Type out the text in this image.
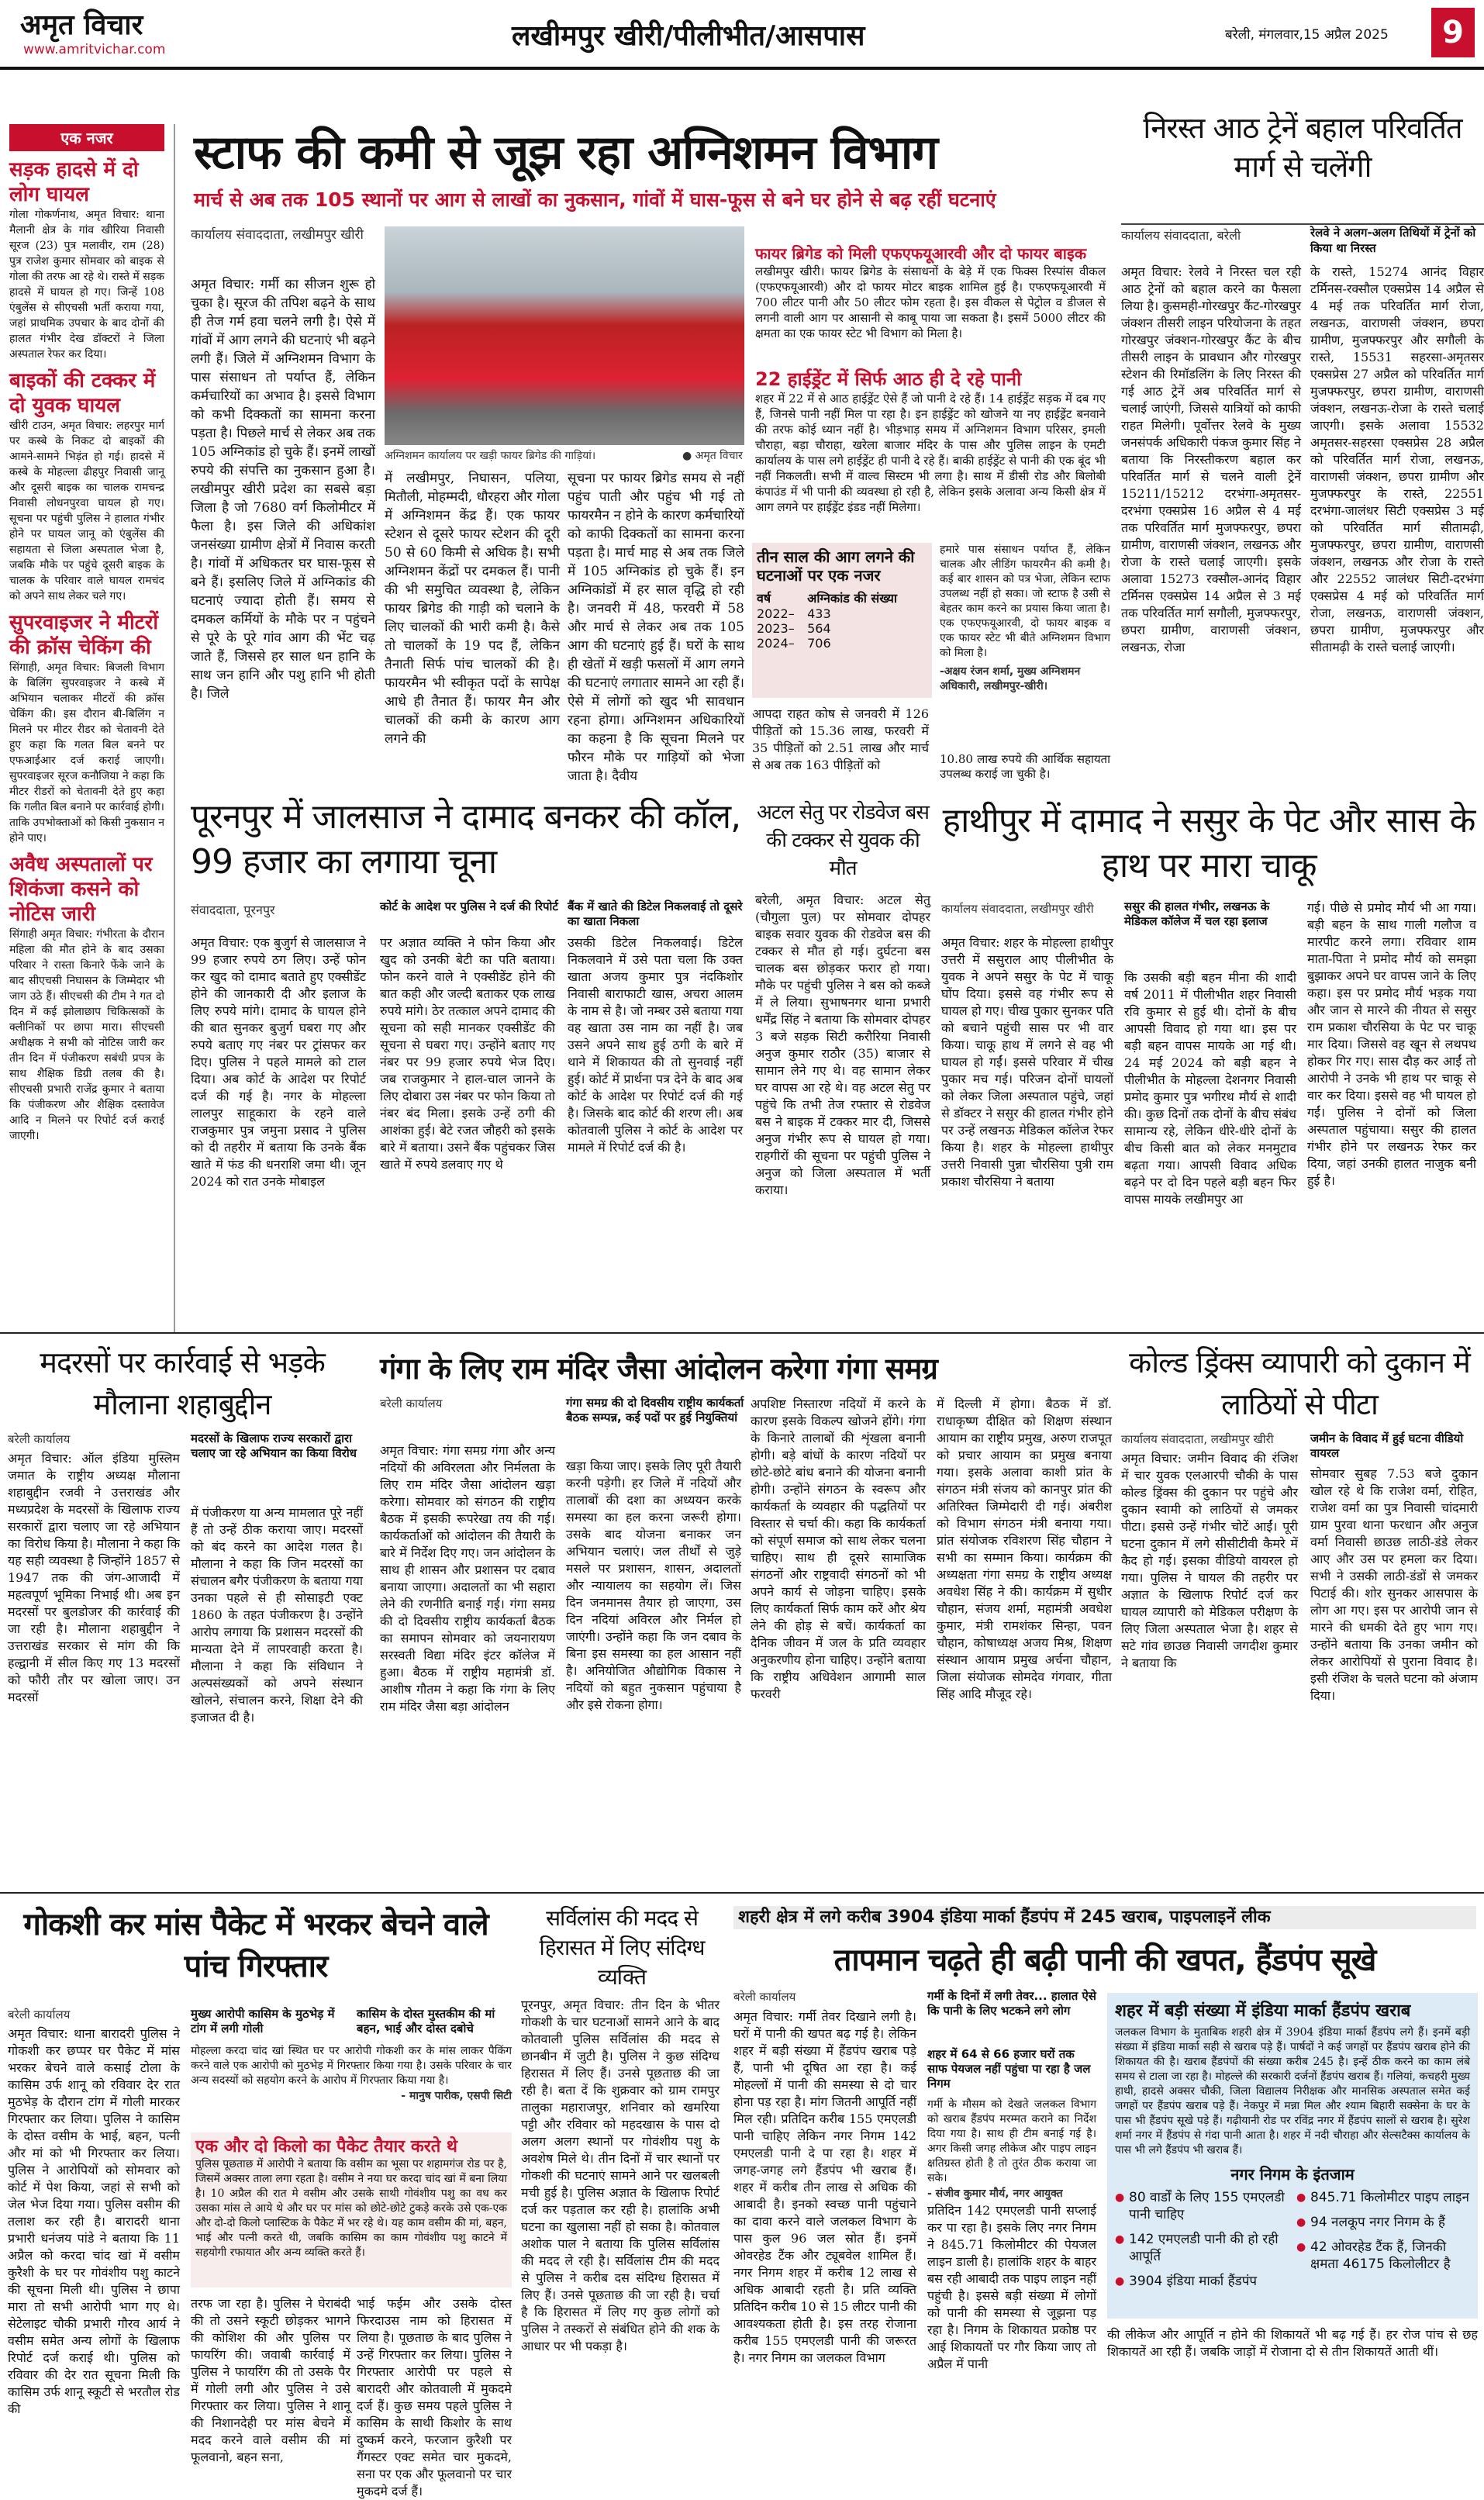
अमृत विचार
www.amritvichar.com	लखीमपुर खीरी/पीलीभीत/आसपास	बरेली, मंगलवार,15 अप्रैल 2025	9
एक नजर
सड़क हादसे में दो लोग घायल
गोला गोकर्णनाथ, अमृत विचार: थाना मैलानी क्षेत्र के गांव खीरिया निवासी सूरज (23) पुत्र मलावीर, राम (28) पुत्र राजेश कुमार सोमवार को बाइक से गोला की तरफ आ रहे थे। रास्ते में सड़क हादसे में घायल हो गए। जिन्हें 108 एंबुलेंस से सीएचसी भर्ती कराया गया, जहां प्राथमिक उपचार के बाद दोनों की हालत गंभीर देख डॉक्टरों ने जिला अस्पताल रेफर कर दिया।
बाइकों की टक्कर में दो युवक घायल
खीरी टाउन, अमृत विचार: लहरपुर मार्ग पर कस्बे के निकट दो बाइकों की आमने-सामने भिड़ंत हो गई। हादसे में कस्बे के मोहल्ला ढीहपुर निवासी जानू और दूसरी बाइक का चालक रामचन्द्र निवासी लोधनपुरवा घायल हो गए। सूचना पर पहुंची पुलिस ने हालात गंभीर होने पर घायल जानू को एंबुलेंस की सहायता से जिला अस्पताल भेजा है, जबकि मौके पर पहुंचे दूसरी बाइक के चालक के परिवार वाले घायल रामचंद को अपने साथ लेकर चले गए।
सुपरवाइजर ने मीटरों की क्रॉस चेकिंग की
सिंगाही, अमृत विचार: बिजली विभाग के बिलिंग सुपरवाइजर ने कस्बे में अभियान चलाकर मीटरों की क्रॉस चेकिंग की। इस दौरान बी-बिलिंग न मिलने पर मीटर रीडर को चेतावनी देते हुए कहा कि गलत बिल बनने पर एफआईआर दर्ज कराई जाएगी। सुपरवाइजर सूरज कनौजिया ने कहा कि मीटर रीडरों को चेतावनी देते हुए कहा कि गलीत बिल बनाने पर कार्रवाई होगी। ताकि उपभोक्ताओं को किसी नुकसान न होने पाए।
अवैध अस्पतालों पर शिकंजा कसने को नोटिस जारी
सिंगाही अमृत विचार: गंभीरता के दौरान महिला की मौत होने के बाद उसका परिवार ने रास्ता किनारे फेंके जाने के बाद सीएचसी निघासन के जिम्मेदार भी जाग उठे हैं। सीएचसी की टीम ने गत दो दिन में कई झोलाछाप चिकित्सकों के क्लीनिकों पर छापा मारा। सीएचसी अधीक्षक ने सभी को नोटिस जारी कर तीन दिन में पंजीकरण सबंधी प्रपत्र के साथ शैक्षिक डिग्री तलब की है। सीएचसी प्रभारी राजेंद्र कुमार ने बताया कि पंजीकरण और शैक्षिक दस्तावेज आदि न मिलने पर रिपोर्ट दर्ज कराई जाएगी।
स्टाफ की कमी से जूझ रहा अग्निशमन विभाग
मार्च से अब तक 105 स्थानों पर आग से लाखों का नुकसान, गांवों में घास-फूस से बने घर होने से बढ़ रहीं घटनाएं
कार्यालय संवाददाता, लखीमपुर खीरी
अमृत विचार: गर्मी का सीजन शुरू हो चुका है। सूरज की तपिश बढ़ने के साथ ही तेज गर्म हवा चलने लगी है। ऐसे में गांवों में आग लगने की घटनाएं भी बढ़ने लगी हैं। जिले में अग्निशमन विभाग के पास संसाधन तो पर्याप्त हैं, लेकिन कर्मचारियों का अभाव है। इससे विभाग को कभी दिक्कतों का सामना करना पड़ता है। पिछले मार्च से लेकर अब तक 105 अग्निकांड हो चुके हैं। इनमें लाखों रुपये की संपत्ति का नुकसान हुआ है। लखीमपुर खीरी प्रदेश का सबसे बड़ा जिला है जो 7680 वर्ग किलोमीटर में फैला है। इस जिले की अधिकांश जनसंख्या ग्रामीण क्षेत्रों में निवास करती है। गांवों में अधिकतर घर घास-फूस से बने हैं। इसलिए जिले में अग्निकांड की घटनाएं ज्यादा होती हैं। समय से दमकल कर्मियों के मौके पर न पहुंचने से पूरे के पूरे गांव आग की भेंट चढ़ जाते हैं, जिससे हर साल धन हानि के साथ जन हानि और पशु हानि भी होती है। जिले
अग्निशमन कार्यालय पर खड़ी फायर ब्रिगेड की गाड़ियां।	● अमृत विचार
में लखीमपुर, निघासन, पलिया, मितौली, मोहम्मदी, धौरहरा और गोला में अग्निशमन केंद्र हैं। एक फायर स्टेशन से दूसरे फायर स्टेशन की दूरी 50 से 60 किमी से अधिक है। सभी अग्निशमन केंद्रों पर दमकल हैं। पानी की भी समुचित व्यवस्था है, लेकिन फायर ब्रिगेड की गाड़ी को चलाने के लिए चालकों की भारी कमी है। कैसे तो चालकों के 19 पद हैं, लेकिन तैनाती सिर्फ पांच चालकों की है। फायरमैन भी स्वीकृत पदों के सापेक्ष आधे ही तैनात हैं। फायर मैन और चालकों की कमी के कारण आग लगने की
सूचना पर फायर ब्रिगेड समय से नहीं पहुंच पाती और पहुंच भी गई तो फायरमैन न होने के कारण कर्मचारियों को काफी दिक्कतों का सामना करना पड़ता है। मार्च माह से अब तक जिले में 105 अग्निकांड हो चुके हैं। इन अग्निकांडों में हर साल वृद्धि हो रही है। जनवरी में 48, फरवरी में 58 और मार्च से लेकर अब तक 105 आग की घटनाएं हुई हैं। घरों के साथ ही खेतों में खड़ी फसलों में आग लगने की घटनाएं लगातार सामने आ रही हैं। ऐसे में लोगों को खुद भी सावधान रहना होगा। अग्निशमन अधिकारियों का कहना है कि सूचना मिलने पर फौरन मौके पर गाड़ियों को भेजा जाता है। दैवीय
फायर ब्रिगेड को मिली एफएफयूआरवी और दो फायर बाइक
लखीमपुर खीरी। फायर ब्रिगेड के संसाधनों के बेड़े में एक फिक्स रिस्पांस वीकल (एफएफयूआरवी) और दो फायर मोटर बाइक शामिल हुई है। एफएफयूआरवी में 700 लीटर पानी और 50 लीटर फोम रहता है। इस वीकल से पेट्रोल व डीजल से लगनी वाली आग पर आसानी से काबू पाया जा सकता है। इसमें 5000 लीटर की क्षमता का एक फायर स्टेट भी विभाग को मिला है।
22 हाईड्रेंट में सिर्फ आठ ही दे रहे पानी
शहर में 22 में से आठ हाईड्रेंट ऐसे हैं जो पानी दे रहे हैं। 14 हाईड्रेंट सड़क में दब गए हैं, जिनसे पानी नहीं मिल पा रहा है। इन हाईड्रेंट को खोजने या नए हाईड्रेंट बनवाने की तरफ कोई ध्यान नहीं है। भीड़भाड़ समय में अग्निशमन विभाग परिसर, इमली चौराहा, बड़ा चौराहा, खरेला बाजार मंदिर के पास और पुलिस लाइन के एमटी कार्यालय के पास लगे हाईड्रेंट ही पानी दे रहे हैं। बाकी हाईड्रेंट से पानी की एक बूंद भी नहीं निकलती। सभी में वाल्व सिस्टम भी लगा है। साथ में डीसी रोड और बिलोबी कंपाउंड में भी पानी की व्यवस्था हो रही है, लेकिन इसके अलावा अन्य किसी क्षेत्र में आग लगने पर हाईड्रेंट इंडड नहीं मिलेगा।
तीन साल की आग लगने की घटनाओं पर एक नजर
वर्ष	अग्निकांड की संख्या
2022–	433
2023–	564
2024–	706
हमारे पास संसाधन पर्याप्त हैं, लेकिन चालक और लीडिंग फायरमैन की कमी है। कई बार शासन को पत्र भेजा, लेकिन स्टाफ उपलब्ध नहीं हो सका। जो स्टाफ है उसी से बेहतर काम करने का प्रयास किया जाता है। एक एफएफयूआरवी, दो फायर बाइक व एक फायर स्टेट भी बीते अग्निशमन विभाग को मिला है।
-अक्षय रंजन शर्मा, मुख्य अग्निशमन अधिकारी, लखीमपुर-खीरी।
आपदा राहत कोष से जनवरी में 126 पीड़ितों को 15.36 लाख, फरवरी में 35 पीड़ितों को 2.51 लाख और मार्च से अब तक 163 पीड़ितों को	10.80 लाख रुपये की आर्थिक सहायता उपलब्ध कराई जा चुकी है।
निरस्त आठ ट्रेनें बहाल परिवर्तित मार्ग से चलेंगी
कार्यालय संवाददाता, बरेली	रेलवे ने अलग-अलग तिथियों में ट्रेनों को किया था निरस्त
अमृत विचार: रेलवे ने निरस्त चल रही आठ ट्रेनों को बहाल करने का फैसला लिया है। कुसमही-गोरखपुर कैंट-गोरखपुर जंक्शन तीसरी लाइन परियोजना के तहत गोरखपुर जंक्शन-गोरखपुर कैंट के बीच तीसरी लाइन के प्रावधान और गोरखपुर स्टेशन की रिमॉडलिंग के लिए निरस्त की गई आठ ट्रेनें अब परिवर्तित मार्ग से चलाई जाएंगी, जिससे यात्रियों को काफी राहत मिलेगी। पूर्वोत्तर रेलवे के मुख्य जनसंपर्क अधिकारी पंकज कुमार सिंह ने बताया कि निरस्तीकरण बहाल कर परिवर्तित मार्ग से चलने वाली ट्रेनें 15211/15212 दरभंगा-अमृतसर-दरभंगा एक्सप्रेस 16 अप्रैल से 4 मई तक परिवर्तित मार्ग मुजफ्फरपुर, छपरा ग्रामीण, वाराणसी जंक्शन, लखनऊ और रोजा के रास्ते चलाई जाएगी। इसके अलावा 15273 रक्सौल-आनंद विहार टर्मिनस एक्सप्रेस 14 अप्रैल से 3 मई तक परिवर्तित मार्ग सगौली, मुजफ्फरपुर, छपरा ग्रामीण, वाराणसी जंक्शन, लखनऊ, रोजा
के रास्ते, 15274 आनंद विहार टर्मिनस-रक्सौल एक्सप्रेस 14 अप्रैल से 4 मई तक परिवर्तित मार्ग रोजा, लखनऊ, वाराणसी जंक्शन, छपरा ग्रामीण, मुजफ्फरपुर और सगौली के रास्ते, 15531 सहरसा-अमृतसर एक्सप्रेस 27 अप्रैल को परिवर्तित मार्ग मुजफ्फरपुर, छपरा ग्रामीण, वाराणसी जंक्शन, लखनऊ-रोजा के रास्ते चलाई जाएगी। इसके अलावा 15532 अमृतसर-सहरसा एक्सप्रेस 28 अप्रैल को परिवर्तित मार्ग रोजा, लखनऊ, वाराणसी जंक्शन, छपरा ग्रामीण और मुजफ्फरपुर के रास्ते, 22551 दरभंगा-जालंधर सिटी एक्सप्रेस 3 मई को परिवर्तित मार्ग सीतामढ़ी, मुजफ्फरपुर, छपरा ग्रामीण, वाराणसी जंक्शन, लखनऊ और रोजा के रास्ते और 22552 जालंधर सिटी-दरभंगा एक्सप्रेस 4 मई को परिवर्तित मार्ग रोजा, लखनऊ, वाराणसी जंक्शन, छपरा ग्रामीण, मुजफ्फरपुर और सीतामढ़ी के रास्ते चलाई जाएगी।
पूरनपुर में जालसाज ने दामाद बनकर की कॉल, 99 हजार का लगाया चूना
संवाददाता, पूरनपुर	कोर्ट के आदेश पर पुलिस ने दर्ज की रिपोर्ट बैंक में खाते की डिटेल निकलवाई तो दूसरे का खाता निकला
अमृत विचार: एक बुजुर्ग से जालसाज ने 99 हजार रुपये ठग लिए। उन्हें फोन कर खुद को दामाद बताते हुए एक्सीडेंट होने की जानकारी दी और इलाज के लिए रुपये मांगे। दामाद के घायल होने की बात सुनकर बुजुर्ग घबरा गए और रुपये बताए गए नंबर पर ट्रांसफर कर दिए। पुलिस ने पहले मामले को टाल दिया। अब कोर्ट के आदेश पर रिपोर्ट दर्ज की गई है। नगर के मोहल्ला लालपुर साहूकारा के रहने वाले राजकुमार पुत्र जमुना प्रसाद ने पुलिस को दी तहरीर में बताया कि उनके बैंक खाते में फंड की धनराशि जमा थी। जून 2024 को रात उनके मोबाइल
पर अज्ञात व्यक्ति ने फोन किया और खुद को उनकी बेटी का पति बताया। फोन करने वाले ने एक्सीडेंट होने की बात कही और जल्दी बताकर एक लाख रुपये मांगे। ठेर तत्काल अपने दामाद की सूचना को सही मानकर एक्सीडेंट की सूचना से घबरा गए। उन्होंने बताए गए नंबर पर 99 हजार रुपये भेज दिए। जब राजकुमार ने हाल-चाल जानने के लिए दोबारा उस नंबर पर फोन किया तो नंबर बंद मिला। इसके उन्हें ठगी की आशंका हुई। बेटे रजत जौहरी को इसके बारे में बताया। उसने बैंक पहुंचकर जिस खाते में रुपये डलवाए गए थे
उसकी डिटेल निकलवाई। डिटेल निकलवाने में उसे पता चला कि उक्त खाता अजय कुमार पुत्र नंदकिशोर निवासी बाराफाटी खास, अचरा आलम के नाम से है। जो नम्बर उसे बताया गया वह खाता उस नाम का नहीं है। जब उसने अपने साथ हुई ठगी के बारे में थाने में शिकायत की तो सुनवाई नहीं हुई। कोर्ट में प्रार्थना पत्र देने के बाद अब कोर्ट के आदेश पर रिपोर्ट दर्ज की गई है। जिसके बाद कोर्ट की शरण ली। अब कोतवाली पुलिस ने कोर्ट के आदेश पर मामले में रिपोर्ट दर्ज की है।
अटल सेतु पर रोडवेज बस की टक्कर से युवक की मौत
बरेली, अमृत विचार: अटल सेतु (चौगुला पुल) पर सोमवार दोपहर बाइक सवार युवक की रोडवेज बस की टक्कर से मौत हो गई। दुर्घटना बस चालक बस छोड़कर फरार हो गया। मौके पर पहुंची पुलिस ने बस को कब्जे में ले लिया। सुभाषनगर थाना प्रभारी धर्मेंद्र सिंह ने बताया कि सोमवार दोपहर 3 बजे सड़क सिटी करौरिया निवासी अनुज कुमार राठौर (35) बाजार से सामान लेने गए थे। वह सामान लेकर घर वापस आ रहे थे। वह अटल सेतु पर पहुंचे कि तभी तेज रफ्तार से रोडवेज बस ने बाइक में टक्कर मार दी, जिससे अनुज गंभीर रूप से घायल हो गया। राहगीरों की सूचना पर पहुंची पुलिस ने अनुज को जिला अस्पताल में भर्ती कराया।
हाथीपुर में दामाद ने ससुर के पेट और सास के हाथ पर मारा चाकू
कार्यालय संवाददाता, लखीमपुर खीरी	ससुर की हालत गंभीर, लखनऊ के मेडिकल कॉलेज में चल रहा इलाज
अमृत विचार: शहर के मोहल्ला हाथीपुर उत्तरी में ससुराल आए पीलीभीत के युवक ने अपने ससुर के पेट में चाकू घोंप दिया। इससे वह गंभीर रूप से घायल हो गए। चीख पुकार सुनकर पति को बचाने पहुंची सास पर भी वार किया। चाकू हाथ में लगने से वह भी घायल हो गईं। इससे परिवार में चीख पुकार मच गई। परिजन दोनों घायलों को लेकर जिला अस्पताल पहुंचे, जहां से डॉक्टर ने ससुर की हालत गंभीर होने पर उन्हें लखनऊ मेडिकल कॉलेज रेफर किया है। शहर के मोहल्ला हाथीपुर उत्तरी निवासी पुन्ना चौरसिया पुत्री राम प्रकाश चौरसिया ने बताया
कि उसकी बड़ी बहन मीना की शादी वर्ष 2011 में पीलीभीत शहर निवासी रवि कुमार से हुई थी। दोनों के बीच आपसी विवाद हो गया था। इस पर बड़ी बहन वापस मायके आ गई थी। 24 मई 2024 को बड़ी बहन ने पीलीभीत के मोहल्ला देशनगर निवासी प्रमोद कुमार पुत्र भगीरथ मौर्य से शादी की। कुछ दिनों तक दोनों के बीच संबंध सामान्य रहे, लेकिन धीरे-धीरे दोनों के बीच किसी बात को लेकर मनमुटाव बढ़ता गया। आपसी विवाद अधिक बढ़ने पर दो दिन पहले बड़ी बहन फिर वापस मायके लखीमपुर आ
गई। पीछे से प्रमोद मौर्य भी आ गया। बड़ी बहन के साथ गाली गलौज व मारपीट करने लगा। रविवार शाम माता-पिता ने प्रमोद मौर्य को समझा बुझाकर अपने घर वापस जाने के लिए कहा। इस पर प्रमोद मौर्य भड़क गया और जान से मारने की नीयत से ससुर राम प्रकाश चौरसिया के पेट पर चाकू मार दिया। जिससे वह खून से लथपथ होकर गिर गए। सास दौड़ कर आईं तो आरोपी ने उनके भी हाथ पर चाकू से वार कर दिया। इससे वह भी घायल हो गईं। पुलिस ने दोनों को जिला अस्पताल पहुंचाया। ससुर की हालत गंभीर होने पर लखनऊ रेफर कर दिया, जहां उनकी हालत नाजुक बनी हुई है।
मदरसों पर कार्रवाई से भड़के मौलाना शहाबुद्दीन
बरेली कार्यालय	मदरसों के खिलाफ राज्य सरकारों द्वारा चलाए जा रहे अभियान का किया विरोध
अमृत विचार: ऑल इंडिया मुस्लिम जमात के राष्ट्रीय अध्यक्ष मौलाना शहाबुद्दीन रजवी ने उत्तराखंड और मध्यप्रदेश के मदरसों के खिलाफ राज्य सरकारों द्वारा चलाए जा रहे अभियान का विरोध किया है। मौलाना ने कहा कि यह सही व्यवस्था है जिन्होंने 1857 से 1947 तक की जंग-आजादी में महत्वपूर्ण भूमिका निभाई थी। अब इन मदरसों पर बुलडोजर की कार्रवाई की जा रही है। मौलाना शहाबुद्दीन ने उत्तराखंड सरकार से मांग की कि हल्द्वानी में सील किए गए 13 मदरसों को फौरी तौर पर खोला जाए। उन मदरसों
में पंजीकरण या अन्य मामलात पूरे नहीं हैं तो उन्हें ठीक कराया जाए। मदरसों को बंद करने का आदेश गलत है। मौलाना ने कहा कि जिन मदरसों का संचालन बगैर पंजीकरण के बताया गया उनका पहले से ही सोसाइटी एक्ट 1860 के तहत पंजीकरण है। उन्होंने आरोप लगाया कि प्रशासन मदरसों की मान्यता देने में लापरवाही करता है। मौलाना ने कहा कि संविधान ने अल्पसंख्यकों को अपने संस्थान खोलने, संचालन करने, शिक्षा देने की इजाजत दी है।
गंगा के लिए राम मंदिर जैसा आंदोलन करेगा गंगा समग्र
बरेली कार्यालय	गंगा समग्र की दो दिवसीय राष्ट्रीय कार्यकर्ता बैठक सम्पन्न, कई पदों पर हुई नियुक्तियां
अमृत विचार: गंगा समग्र गंगा और अन्य नदियों की अविरलता और निर्मलता के लिए राम मंदिर जैसा आंदोलन खड़ा करेगा। सोमवार को संगठन की राष्ट्रीय बैठक में इसकी रूपरेखा तय की गई। कार्यकर्ताओं को आंदोलन की तैयारी के बारे में निर्देश दिए गए। जन आंदोलन के साथ ही शासन और प्रशासन पर दबाव बनाया जाएगा। अदालतों का भी सहारा लेने की रणनीति बनाई गई। गंगा समग्र की दो दिवसीय राष्ट्रीय कार्यकर्ता बैठक का समापन सोमवार को जयनारायण सरस्वती विद्या मंदिर इंटर कॉलेज में हुआ। बैठक में राष्ट्रीय महामंत्री डॉ. आशीष गौतम ने कहा कि गंगा के लिए राम मंदिर जैसा बड़ा आंदोलन
खड़ा किया जाए। इसके लिए पूरी तैयारी करनी पड़ेगी। हर जिले में नदियों और तालाबों की दशा का अध्ययन करके समस्या का हल करना जरूरी होगा। उसके बाद योजना बनाकर जन अभियान चलाएं। जल तीर्थों से जुड़े मसले पर प्रशासन, शासन, अदालतों और न्यायालय का सहयोग लें। जिस दिन जनमानस तैयार हो जाएगा, उस दिन नदियां अविरल और निर्मल हो जाएंगी। उन्होंने कहा कि जन दबाव के बिना इस समस्या का हल आसान नहीं है। अनियोजित औद्योगिक विकास ने नदियों को बहुत नुकसान पहुंचाया है और इसे रोकना होगा।
अपशिष्ट निस्तारण नदियों में करने के कारण इसके विकल्प खोजने होंगे। गंगा के किनारे तालाबों की शृंखला बनानी होगी। बड़े बांधों के कारण नदियों पर छोटे-छोटे बांध बनाने की योजना बनानी होगी। उन्होंने संगठन के स्वरूप और कार्यकर्ता के व्यवहार की पद्धतियों पर विस्तार से चर्चा की। कहा कि कार्यकर्ता को संपूर्ण समाज को साथ लेकर चलना चाहिए। साथ ही दूसरे सामाजिक संगठनों और राष्ट्रवादी संगठनों को भी अपने कार्य से जोड़ना चाहिए। इसके लिए कार्यकर्ता सिर्फ काम करें और श्रेय लेने की होड़ से बचें। कार्यकर्ता का दैनिक जीवन में जल के प्रति व्यवहार अनुकरणीय होना चाहिए। उन्होंने बताया कि राष्ट्रीय अधिवेशन आगामी साल फरवरी
में दिल्ली में होगा। बैठक में डॉ. राधाकृष्ण दीक्षित को शिक्षण संस्थान आयाम का राष्ट्रीय प्रमुख, अरुण राजपूत को प्रचार आयाम का प्रमुख बनाया गया। इसके अलावा काशी प्रांत के संगठन मंत्री संजय को कानपुर प्रांत की अतिरिक्त जिम्मेदारी दी गई। अंबरीश को विभाग संगठन मंत्री बनाया गया। प्रांत संयोजक रविशरण सिंह चौहान ने सभी का सम्मान किया। कार्यक्रम की अध्यक्षता गंगा समग्र के राष्ट्रीय अध्यक्ष अवधेश सिंह ने की। कार्यक्रम में सुधीर चौहान, संजय शर्मा, महामंत्री अवधेश कुमार, मंत्री रामशंकर सिन्हा, पवन चौहान, कोषाध्यक्ष अजय मिश्र, शिक्षण संस्थान आयाम प्रमुख अर्चना चौहान, जिला संयोजक सोमदेव गंगवार, गीता सिंह आदि मौजूद रहे।
कोल्ड ड्रिंक्स व्यापारी को दुकान में लाठियों से पीटा
कार्यालय संवाददाता, लखीमपुर खीरी	जमीन के विवाद में हुई घटना वीडियो वायरल
अमृत विचार: जमीन विवाद की रंजिश में चार युवक एलआरपी चौकी के पास कोल्ड ड्रिंक्स की दुकान पर पहुंचे और दुकान स्वामी को लाठियों से जमकर पीटा। इससे उन्हें गंभीर चोटें आईं। पूरी घटना दुकान में लगे सीसीटीवी कैमरे में कैद हो गई। इसका वीडियो वायरल हो गया। पुलिस ने घायल की तहरीर पर अज्ञात के खिलाफ रिपोर्ट दर्ज कर घायल व्यापारी को मेडिकल परीक्षण के लिए जिला अस्पताल भेजा है। शहर से सटे गांव छाउछ निवासी जगदीश कुमार ने बताया कि
सोमवार सुबह 7.53 बजे दुकान खोल रहे थे कि राजेश वर्मा, रोहित, राजेश वर्मा का पुत्र निवासी चांदमारी ग्राम पुरवा थाना फरधान और अनुज वर्मा निवासी छाउछ लाठी-डंडे लेकर आए और उस पर हमला कर दिया। सभी ने उसकी लाठी-डंडों से जमकर पिटाई की। शोर सुनकर आसपास के लोग आ गए। इस पर आरोपी जान से मारने की धमकी देते हुए भाग गए। उन्होंने बताया कि उनका जमीन को लेकर आरोपियों से पुराना विवाद है। इसी रंजिश के चलते घटना को अंजाम दिया।
गोकशी कर मांस पैकेट में भरकर बेचने वाले पांच गिरफ्तार
बरेली कार्यालय	मुख्य आरोपी कासिम के मुठभेड़ में टांग में लगी गोली
कासिम के दोस्त मुस्तकीम की मां बहन, भाई और दोस्त दबोचे
अमृत विचार: थाना बारादरी पुलिस ने गोकशी कर छप्पर घर पैकेट में मांस भरकर बेचने वाले कसाई टोला के कासिम उर्फ शानू को रविवार देर रात मुठभेड़ के दौरान टांग में गोली मारकर गिरफ्तार कर लिया। पुलिस ने कासिम के दोस्त वसीम के भाई, बहन, पत्नी और मां को भी गिरफ्तार कर लिया। पुलिस ने आरोपियों को सोमवार को कोर्ट में पेश किया, जहां से सभी को जेल भेज दिया गया। पुलिस वसीम की तलाश कर रही है। बारादरी थाना प्रभारी धनंजय पांडे ने बताया कि 11 अप्रैल को करदा चांद खां में वसीम कुरैशी के घर पर गोवंशीय पशु काटने की सूचना मिली थी। पुलिस ने छापा मारा तो सभी आरोपी भाग गए थे। सेटेलाइट चौकी प्रभारी गौरव आर्य ने वसीम समेत अन्य लोगों के खिलाफ रिपोर्ट दर्ज कराई थी। पुलिस को रविवार की देर रात सूचना मिली कि कासिम उर्फ शानू स्कूटी से भरतौल रोड की
मोहल्ला करदा चांद खां स्थित घर पर आरोपी गोकशी कर के मांस लाकर पैकिंग करने वाले एक आरोपी को मुठभेड़ में गिरफ्तार किया गया है। उसके परिवार के चार अन्य सदस्यों को सहयोग करने के आरोप में गिरफ्तार किया गया है।
- मानुष पारीक, एसपी सिटी
एक और दो किलो का पैकेट तैयार करते थे
पुलिस पूछताछ में आरोपी ने बताया कि वसीम का भूसा पर शहामगंज रोड पर है, जिसमें अक्सर ताला लगा रहता है। वसीम ने नया घर करदा चांद खां में बना लिया है। 10 अप्रैल की रात मे वसीम और उसके साथी गोवंशीय पशु का वध कर उसका मांस ले आये थे और घर पर मांस को छोटे-छोटे टुकड़े करके उसे एक-एक और दो-दो किलो प्लास्टिक के पैकेट में भर रहे थे। यह काम वसीम की मां, बहन, भाई और पत्नी करते थी, जबकि कासिम का काम गोवंशीय पशु काटने में सहयोगी रफायात और अन्य व्यक्ति करते हैं।
तरफ जा रहा है। पुलिस ने घेराबंदी की तो उसने स्कूटी छोड़कर भागने की कोशिश की और पुलिस पर फायरिंग की। जवाबी कार्रवाई में पुलिस ने फायरिंग की तो उसके पैर में गोली लगी और पुलिस ने उसे गिरफ्तार कर लिया। पुलिस ने शानू की निशानदेही पर मांस बेचने में मदद करने वाले वसीम की मां फूलवानो, बहन सना,
भाई फईम और उसके दोस्त फिरदाउस नाम को हिरासत में लिया है। पूछताछ के बाद पुलिस ने उन्हें गिरफ्तार कर लिया। पुलिस ने गिरफ्तार आरोपी पर पहले से बारादरी और कोतवाली में मुकदमे दर्ज हैं। कुछ समय पहले पुलिस ने कासिम के साथी किशोर के साथ दुष्कर्म करने, फरजान कुरैशी पर गैंगस्टर एक्ट समेत चार मुकदमे, सना पर एक और फूलवानो पर चार मुकदमे दर्ज हैं।
सर्विलांस की मदद से हिरासत में लिए संदिग्ध व्यक्ति
पूरनपुर, अमृत विचार: तीन दिन के भीतर गोकशी के चार घटनाओं सामने आने के बाद कोतवाली पुलिस सर्विलांस की मदद से छानबीन में जुटी है। पुलिस ने कुछ संदिग्ध हिरासत में लिए हैं। उनसे पूछताछ की जा रही है। बता दें कि शुक्रवार को ग्राम रामपुर तालुका महाराजपुर, शनिवार को खमरिया पट्टी और रविवार को महदखास के पास दो अलग अलग स्थानों पर गोवंशीय पशु के अवशेष मिले थे। तीन दिनों में चार स्थानों पर गोकशी की घटनाएं सामने आने पर खलबली मची हुई है। पुलिस अज्ञात के खिलाफ रिपोर्ट दर्ज कर पड़ताल कर रही है। हालांकि अभी घटना का खुलासा नहीं हो सका है। कोतवाल अशोक पाल ने बताया कि पुलिस सर्विलांस की मदद ले रही है। सर्विलांस टीम की मदद से पुलिस ने करीब दस संदिग्ध हिरासत में लिए हैं। उनसे पूछताछ की जा रही है। चर्चा है कि हिरासत में लिए गए कुछ लोगों को पुलिस ने तस्करों से संबंधित होने की शक के आधार पर भी पकड़ा है।
शहरी क्षेत्र में लगे करीब 3904 इंडिया मार्का हैंडपंप में 245 खराब, पाइपलाइनें लीक
तापमान चढ़ते ही बढ़ी पानी की खपत, हैंडपंप सूखे
बरेली कार्यालय
अमृत विचार: गर्मी तेवर दिखाने लगी है। घरों में पानी की खपत बढ़ गई है। लेकिन शहर में बड़ी संख्या में हैंडपंप खराब पड़े हैं, पानी भी दूषित आ रहा है। कई मोहल्लों में पानी की समस्या से दो चार होना पड़ रहा है। मांग जितनी आपूर्ति नहीं मिल रही। प्रतिदिन करीब 155 एमएलडी पानी चाहिए लेकिन नगर निगम 142 एमएलडी पानी दे पा रहा है। शहर में जगह-जगह लगे हैंडपंप भी खराब हैं। शहर में करीब तीन लाख से अधिक की आबादी है। इनको स्वच्छ पानी पहुंचाने का दावा करने वाले जलकल विभाग के पास कुल 96 जल स्रोत हैं। इनमें ओवरहेड टैंक और ट्यूबवेल शामिल हैं। नगर निगम शहर में करीब 12 लाख से अधिक आबादी रहती है। प्रति व्यक्ति प्रतिदिन करीब 10 से 15 लीटर पानी की आवश्यकता होती है। इस तरह रोजाना करीब 155 एमएलडी पानी की जरूरत है। नगर निगम का जलकल विभाग
गर्मी के दिनों में लगी तेवर... हालात ऐसे कि पानी के लिए भटकने लगे लोग
शहर में 64 से 66 हजार घरों तक साफ पेयजल नहीं पहुंचा पा रहा है जल निगम
गर्मी के मौसम को देखते जलकल विभाग को खराब हैंडपंप मरम्मत कराने का निर्देश दिया गया है। साथ ही टीम बनाई गई है। अगर किसी जगह लीकेज और पाइप लाइन क्षतिग्रस्त होती है तो तुरंत ठीक कराया जा सके।
- संजीव कुमार मौर्य, नगर आयुक्त
प्रतिदिन 142 एमएलडी पानी सप्लाई कर पा रहा है। इसके लिए नगर निगम ने 845.71 किलोमीटर की पेयजल लाइन डाली है। हालांकि शहर के बाहर बस रही आबादी तक पाइप लाइन नहीं पहुंची है। इससे बड़ी संख्या में लोगों को पानी की समस्या से जूझना पड़ रहा है। निगम के शिकायत प्रकोष्ठ पर आई शिकायतों पर गौर किया जाए तो अप्रैल में पानी
शहर में बड़ी संख्या में इंडिया मार्का हैंडपंप खराब
जलकल विभाग के मुताबिक शहरी क्षेत्र में 3904 इंडिया मार्का हैंडपंप लगे हैं। इनमें बड़ी संख्या में इंडिया मार्का सही से खराब पड़े हैं। पार्षदों ने कई जगहों पर हैंडपंप खराब होने की शिकायत की है। खराब हैंडपंपों की संख्या करीब 245 है। इन्हें ठीक करने का काम लंबे समय से टाला जा रहा है। मोहल्ले की सरकारी दर्जनों हैंडपंप खराब हैं। गलियां, कचहरी मुख्य हाथी, हादसे अक्सर चौकी, जिला विद्यालय निरीक्षक और मानसिक अस्पताल समेत कई जगहों पर हैंडपंप खराब पड़े हैं। नेकपुर में मन्ना मिल और श्याम बिहारी सक्सेना के घर के पास भी हैंडपंप सूखे पड़े हैं। गढ़ीयानी रोड पर रविंद्र नगर में हैंडपंप सालों से खराब है। सुरेश शर्मा नगर में हैंडपंप से गंदा पानी आता है। शहर में नदी चौराहा और सेल्सटैक्स कार्यालय के पास भी लगे हैंडपंप भी खराब हैं।
नगर निगम के इंतजाम
● 80 वार्डों के लिए 155 एमएलडी पानी चाहिए
● 142 एमएलडी पानी की हो रही आपूर्ति
● 3904 इंडिया मार्का हैंडपंप
● 845.71 किलोमीटर पाइप लाइन
● 94 नलकूप नगर निगम के हैं
● 42 ओवरहेड टैंक हैं, जिनकी क्षमता 46175 किलोलीटर है
की लीकेज और आपूर्ति न होने की शिकायतें भी बढ़ गई हैं। हर रोज पांच से छह शिकायतें आ रही हैं। जबकि जाड़ों में रोजाना दो से तीन शिकायतें आती थीं।
